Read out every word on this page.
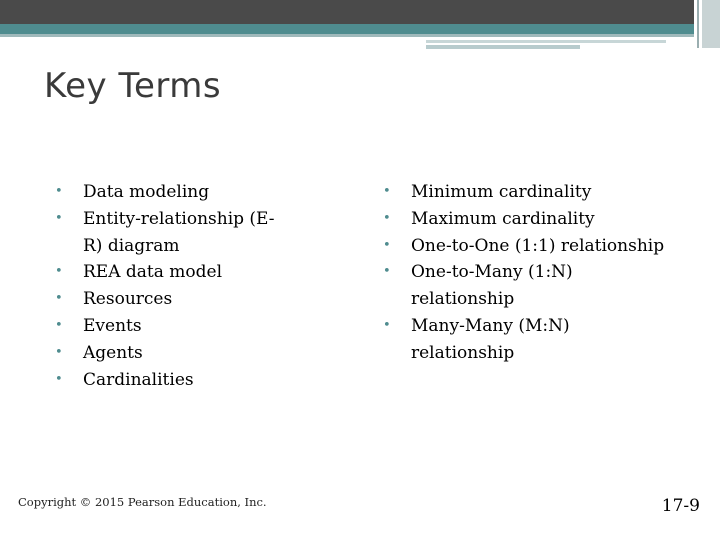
Key Terms
• Data modeling
• Entity-relationship (E-R) diagram
• REA data model
• Resources
• Events
• Agents
• Cardinalities
• Minimum cardinality
• Maximum cardinality
• One-to-One (1:1) relationship
• One-to-Many (1:N) relationship
• Many-Many (M:N) relationship
Copyright © 2015 Pearson Education, Inc.	17-9
